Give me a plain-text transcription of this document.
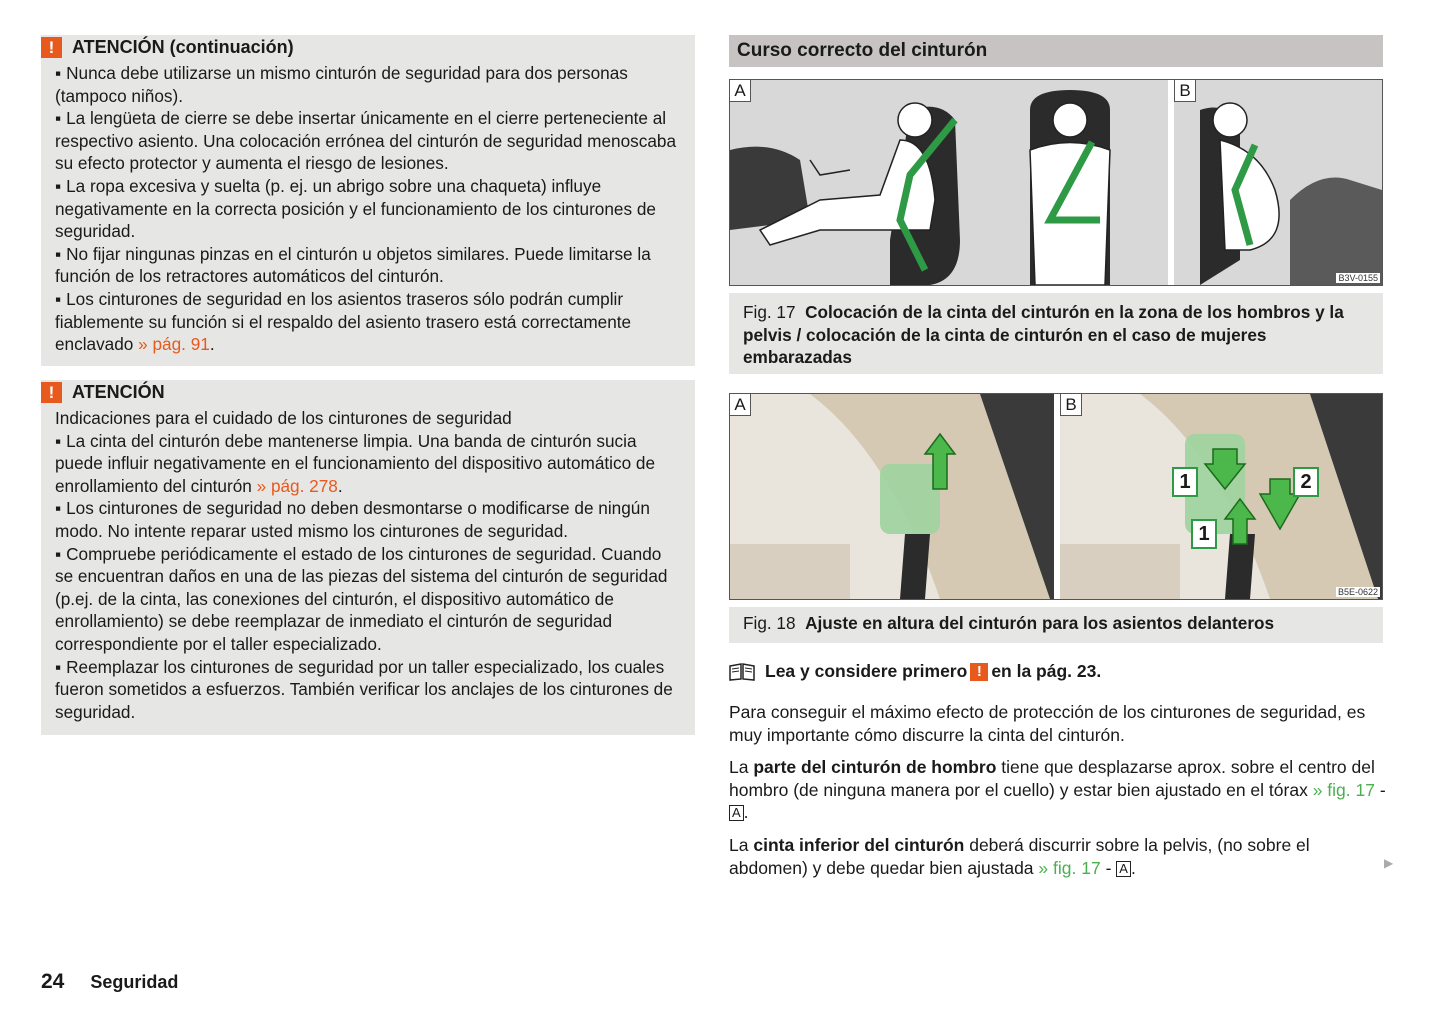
! ATENCIÓN (continuación)

▪ Nunca debe utilizarse un mismo cinturón de seguridad para dos personas (tampoco niños).

▪ La lengüeta de cierre se debe insertar únicamente en el cierre perteneciente al respectivo asiento. Una colocación errónea del cinturón de seguridad menoscaba su efecto protector y aumenta el riesgo de lesiones.

▪ La ropa excesiva y suelta (p. ej. un abrigo sobre una chaqueta) influye negativamente en la correcta posición y el funcionamiento de los cinturones de seguridad.

▪ No fijar ningunas pinzas en el cinturón u objetos similares. Puede limitarse la función de los retractores automáticos del cinturón.

▪ Los cinturones de seguridad en los asientos traseros sólo podrán cumplir fiablemente su función si el respaldo del asiento trasero está correctamente enclavado » pág. 91.

! ATENCIÓN

Indicaciones para el cuidado de los cinturones de seguridad

▪ La cinta del cinturón debe mantenerse limpia. Una banda de cinturón sucia puede influir negativamente en el funcionamiento del dispositivo automático de enrollamiento del cinturón » pág. 278.

▪ Los cinturones de seguridad no deben desmontarse o modificarse de ningún modo. No intente reparar usted mismo los cinturones de seguridad.

▪ Compruebe periódicamente el estado de los cinturones de seguridad. Cuando se encuentran daños en una de las piezas del sistema del cinturón de seguridad (p.ej. de la cinta, las conexiones del cinturón, el dispositivo automático de enrollamiento) se debe reemplazar de inmediato el cinturón de seguridad correspondiente por el taller especializado.

▪ Reemplazar los cinturones de seguridad por un taller especializado, los cuales fueron sometidos a esfuerzos. También verificar los anclajes de los cinturones de seguridad.

Curso correcto del cinturón
A	B
B3V-0155
Fig. 17 Colocación de la cinta del cinturón en la zona de los hombros y la pelvis / colocación de la cinta de cinturón en el caso de mujeres embarazadas
A	B
1	2
1
B5E-0622
Fig. 18 Ajuste en altura del cinturón para los asientos delanteros
Lea y considere primero ! en la pág. 23.

Para conseguir el máximo efecto de protección de los cinturones de seguridad, es muy importante cómo discurre la cinta del cinturón.

La parte del cinturón de hombro tiene que desplazarse aprox. sobre el centro del hombro (de ninguna manera por el cuello) y estar bien ajustado en el tórax » fig. 17 - A .

La cinta inferior del cinturón deberá discurrir sobre la pelvis, (no sobre el abdomen) y debe quedar bien ajustada » fig. 17 - A .	▶
24 Seguridad
